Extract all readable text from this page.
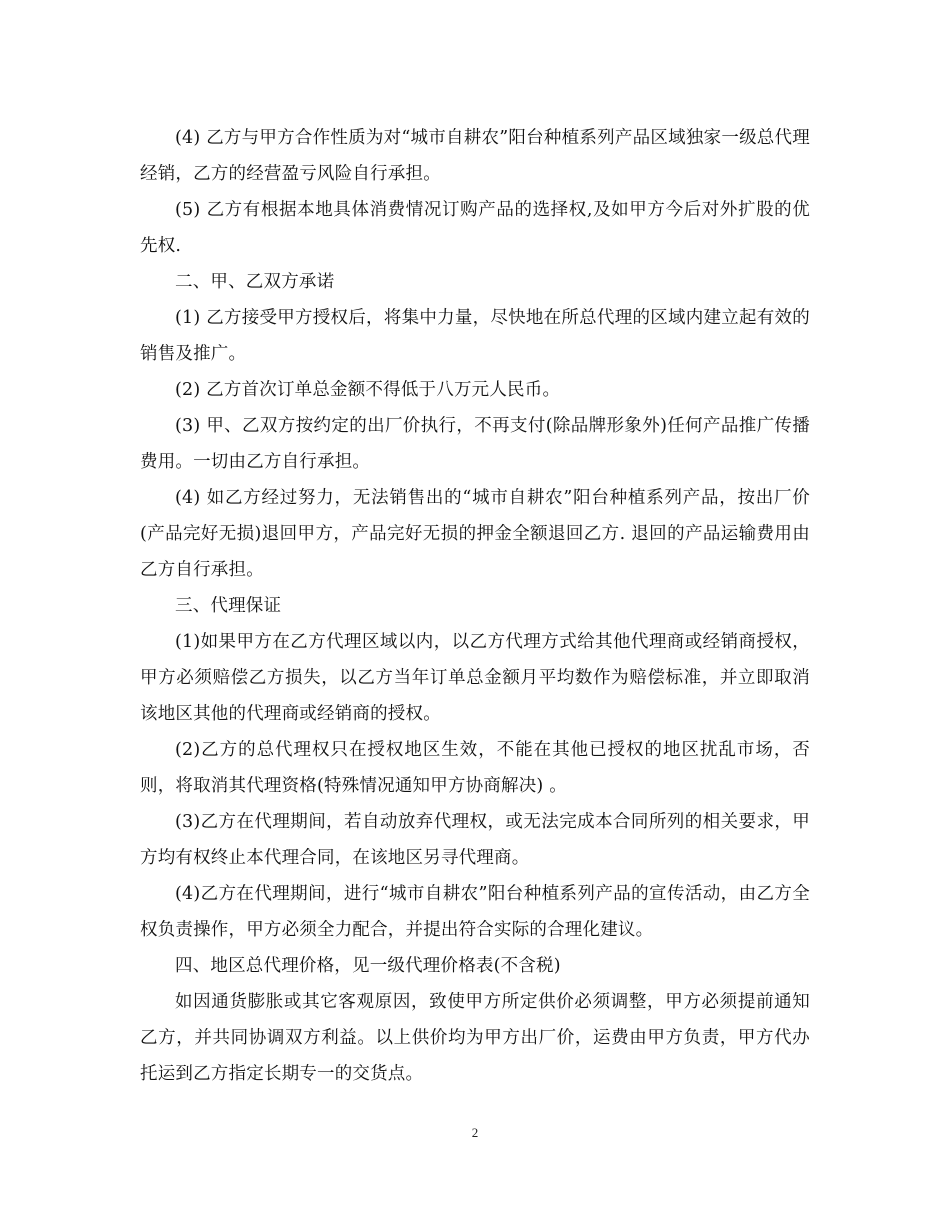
(4) 乙方与甲方合作性质为对“城市自耕农”阳台种植系列产品区域独家一级总代理经销，乙方的经营盈亏风险自行承担。

(5) 乙方有根据本地具体消费情况订购产品的选择权,及如甲方今后对外扩股的优先权.

二、甲、乙双方承诺

(1) 乙方接受甲方授权后，将集中力量，尽快地在所总代理的区域内建立起有效的销售及推广。

(2) 乙方首次订单总金额不得低于八万元人民币。

(3) 甲、乙双方按约定的出厂价执行，不再支付(除品牌形象外)任何产品推广传播费用。一切由乙方自行承担。

(4) 如乙方经过努力，无法销售出的“城市自耕农”阳台种植系列产品，按出厂价(产品完好无损)退回甲方，产品完好无损的押金全额退回乙方. 退回的产品运输费用由乙方自行承担。

三、代理保证

(1)如果甲方在乙方代理区域以内，以乙方代理方式给其他代理商或经销商授权，甲方必须赔偿乙方损失，以乙方当年订单总金额月平均数作为赔偿标准，并立即取消该地区其他的代理商或经销商的授权。

(2)乙方的总代理权只在授权地区生效，不能在其他已授权的地区扰乱市场，否则，将取消其代理资格(特殊情况通知甲方协商解决) 。

(3)乙方在代理期间，若自动放弃代理权，或无法完成本合同所列的相关要求，甲方均有权终止本代理合同，在该地区另寻代理商。

(4)乙方在代理期间，进行“城市自耕农”阳台种植系列产品的宣传活动，由乙方全权负责操作，甲方必须全力配合，并提出符合实际的合理化建议。

四、地区总代理价格，见一级代理价格表(不含税)

如因通货膨胀或其它客观原因，致使甲方所定供价必须调整，甲方必须提前通知乙方，并共同协调双方利益。以上供价均为甲方出厂价，运费由甲方负责，甲方代办托运到乙方指定长期专一的交货点。

2
